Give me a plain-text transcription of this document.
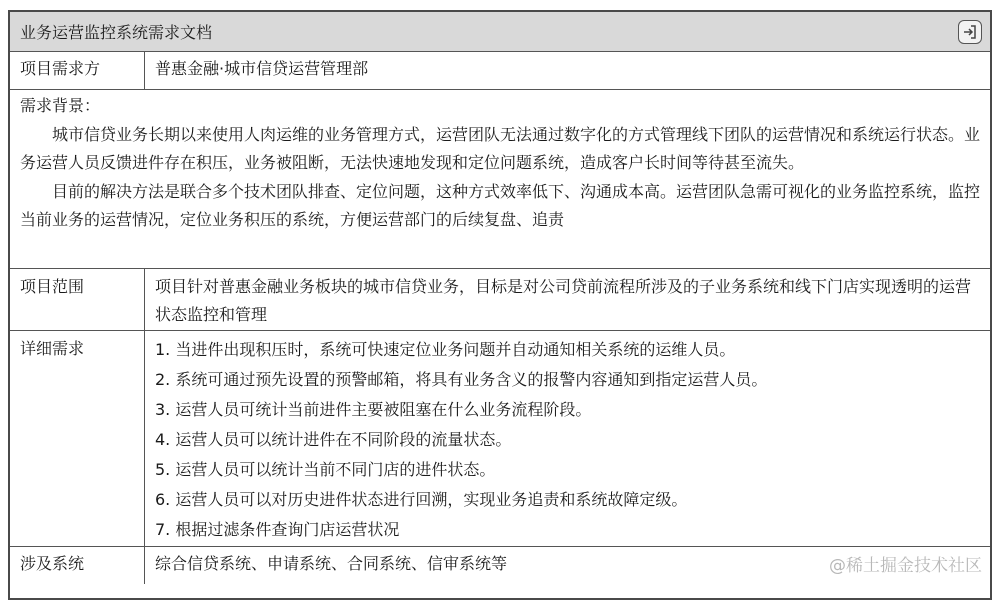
业务运营监控系统需求文档
项目需求方	普惠金融·城市信贷运营管理部

需求背景：

城市信贷业务长期以来使用人肉运维的业务管理方式，运营团队无法通过数字化的方式管理线下团队的运营情况和系统运行状态。业务运营人员反馈进件存在积压，业务被阻断，无法快速地发现和定位问题系统，造成客户长时间等待甚至流失。

目前的解决方法是联合多个技术团队排查、定位问题，这种方式效率低下、沟通成本高。运营团队急需可视化的业务监控系统，监控当前业务的运营情况，定位业务积压的系统，方便运营部门的后续复盘、追责

项目范围	项目针对普惠金融业务板块的城市信贷业务，目标是对公司贷前流程所涉及的子业务系统和线下门店实现透明的运营状态监控和管理
详细需求	1. 当进件出现积压时，系统可快速定位业务问题并自动通知相关系统的运维人员。
2. 系统可通过预先设置的预警邮箱，将具有业务含义的报警内容通知到指定运营人员。
3. 运营人员可统计当前进件主要被阻塞在什么业务流程阶段。
4. 运营人员可以统计进件在不同阶段的流量状态。
5. 运营人员可以统计当前不同门店的进件状态。
6. 运营人员可以对历史进件状态进行回溯，实现业务追责和系统故障定级。
7. 根据过滤条件查询门店运营状况
涉及系统	综合信贷系统、申请系统、合同系统、信审系统等	@稀土掘金技术社区
